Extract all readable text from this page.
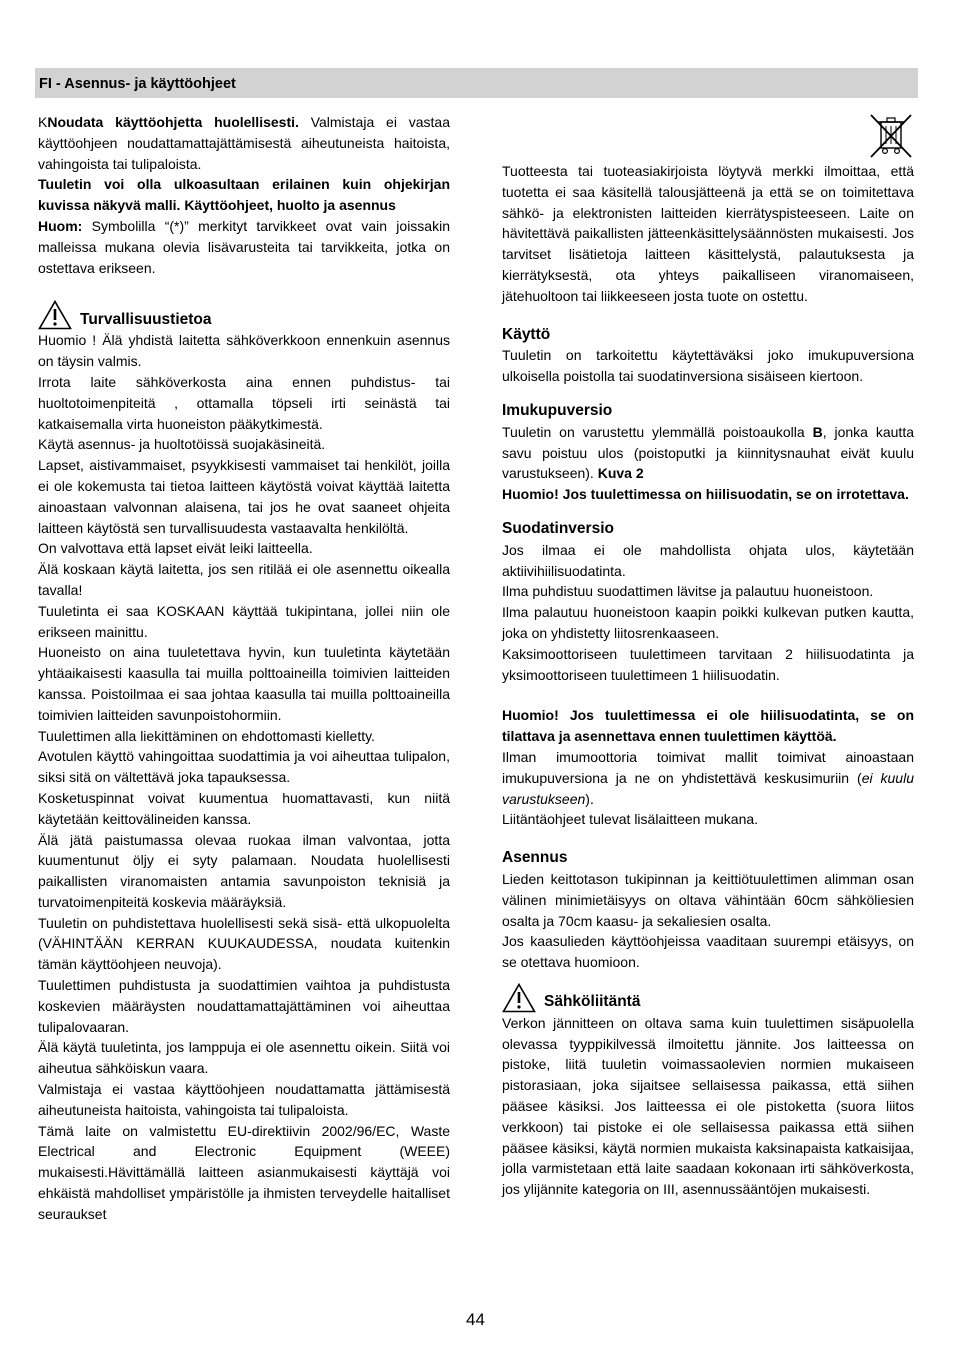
FI - Asennus- ja käyttöohjeet

KNoudata käyttöohjetta huolellisesti. Valmistaja ei vastaa käyttöohjeen noudattamattajättämisestä aiheutuneista haitoista, vahingoista tai tulipaloista.

Tuuletin voi olla ulkoasultaan erilainen kuin ohjekirjan kuvissa näkyvä malli. Käyttöohjeet, huolto ja asennus

Huom: Symbolilla “(*)” merkityt tarvikkeet ovat vain joissakin malleissa mukana olevia lisävarusteita tai tarvikkeita, jotka on ostettava erikseen.

Turvallisuustietoa

Huomio ! Älä yhdistä laitetta sähköverkkoon ennenkuin asennus on täysin valmis.

Irrota laite sähköverkosta aina ennen puhdistus- tai huoltotoimenpiteitä , ottamalla töpseli irti seinästä tai katkaisemalla virta huoneiston pääkytkimestä.

Käytä asennus- ja huoltotöissä suojakäsineitä.

Lapset, aistivammaiset, psyykkisesti vammaiset tai henkilöt, joilla ei ole kokemusta tai tietoa laitteen käytöstä voivat käyttää laitetta ainoastaan valvonnan alaisena, tai jos he ovat saaneet ohjeita laitteen käytöstä sen turvallisuudesta vastaavalta henkilöltä.

On valvottava että lapset eivät leiki laitteella.

Älä koskaan käytä laitetta, jos sen ritilää ei ole asennettu oikealla tavalla!

Tuuletinta ei saa KOSKAAN käyttää tukipintana, jollei niin ole erikseen mainittu.

Huoneisto on aina tuuletettava hyvin, kun tuuletinta käytetään yhtäaikaisesti kaasulla tai muilla polttoaineilla toimivien laitteiden kanssa. Poistoilmaa ei saa johtaa kaasulla tai muilla polttoaineilla toimivien laitteiden savunpoistohormiin.

Tuulettimen alla liekittäminen on ehdottomasti kielletty.

Avotulen käyttö vahingoittaa suodattimia ja voi aiheuttaa tulipalon, siksi sitä on vältettävä joka tapauksessa.

Kosketuspinnat voivat kuumentua huomattavasti, kun niitä käytetään keittovälineiden kanssa.

Älä jätä paistumassa olevaa ruokaa ilman valvontaa, jotta kuumentunut öljy ei syty palamaan. Noudata huolellisesti paikallisten viranomaisten antamia savunpoiston teknisiä ja turvatoimenpiteitä koskevia määräyksiä.

Tuuletin on puhdistettava huolellisesti sekä sisä- että ulkopuolelta (VÄHINTÄÄN KERRAN KUUKAUDESSA, noudata kuitenkin tämän käyttöohjeen neuvoja).

Tuulettimen puhdistusta ja suodattimien vaihtoa ja puhdistusta koskevien määräysten noudattamattajättäminen voi aiheuttaa tulipalovaaran.

Älä käytä tuuletinta, jos lamppuja ei ole asennettu oikein. Siitä voi aiheutua sähköiskun vaara.

Valmistaja ei vastaa käyttöohjeen noudattamatta jättämisestä aiheutuneista haitoista, vahingoista tai tulipaloista.

Tämä laite on valmistettu EU-direktiivin 2002/96/EC, Waste Electrical and Electronic Equipment (WEEE) mukaisesti.Hävittämällä laitteen asianmukaisesti käyttäjä voi ehkäistä mahdolliset ympäristölle ja ihmisten terveydelle haitalliset seuraukset

Tuotteesta tai tuoteasiakirjoista löytyvä merkki ilmoittaa, että tuotetta ei saa käsitellä talousjätteenä ja että se on toimitettava sähkö- ja elektronisten laitteiden kierrätyspisteeseen. Laite on hävitettävä paikallisten jätteenkäsittelysäännösten mukaisesti. Jos tarvitset lisätietoja laitteen käsittelystä, palautuksesta ja kierrätyksestä, ota yhteys paikalliseen viranomaiseen, jätehuoltoon tai liikkeeseen josta tuote on ostettu.

Käyttö

Tuuletin on tarkoitettu käytettäväksi joko imukupuversiona ulkoisella poistolla tai suodatinversiona sisäiseen kiertoon.

Imukupuversio

Tuuletin on varustettu ylemmällä poistoaukolla B, jonka kautta savu poistuu ulos (poistoputki ja kiinnitysnauhat eivät kuulu varustukseen). Kuva 2

Huomio! Jos tuulettimessa on hiilisuodatin, se on irrotettava.

Suodatinversio

Jos ilmaa ei ole mahdollista ohjata ulos, käytetään aktiivihiilisuodatinta.

Ilma puhdistuu suodattimen lävitse ja palautuu huoneistoon.

Ilma palautuu huoneistoon kaapin poikki kulkevan putken kautta, joka on yhdistetty liitosrenkaaseen.

Kaksimoottoriseen tuulettimeen tarvitaan 2 hiilisuodatinta ja yksimoottoriseen tuulettimeen 1 hiilisuodatin.

Huomio! Jos tuulettimessa ei ole hiilisuodatinta, se on tilattava ja asennettava ennen tuulettimen käyttöä.

Ilman imumoottoria toimivat mallit toimivat ainoastaan imukupuversiona ja ne on yhdistettävä keskusimuriin (ei kuulu varustukseen).

Liitäntäohjeet tulevat lisälaitteen mukana.

Asennus

Lieden keittotason tukipinnan ja keittiötuulettimen alimman osan välinen minimietäisyys on oltava vähintään 60cm sähköliesien osalta ja 70cm kaasu- ja sekaliesien osalta.

Jos kaasulieden käyttöohjeissa vaaditaan suurempi etäisyys, on se otettava huomioon.

Sähköliitäntä

Verkon jännitteen on oltava sama kuin tuulettimen sisäpuolella olevassa tyyppikilvessä ilmoitettu jännite. Jos laitteessa on pistoke, liitä tuuletin voimassaolevien normien mukaiseen pistorasiaan, joka sijaitsee sellaisessa paikassa, että siihen pääsee käsiksi. Jos laitteessa ei ole pistoketta (suora liitos verkkoon) tai pistoke ei ole sellaisessa paikassa että siihen pääsee käsiksi, käytä normien mukaista kaksinapaista katkaisijaa, jolla varmistetaan että laite saadaan kokonaan irti sähköverkosta, jos ylijännite kategoria on III, asennussääntöjen mukaisesti.

44
